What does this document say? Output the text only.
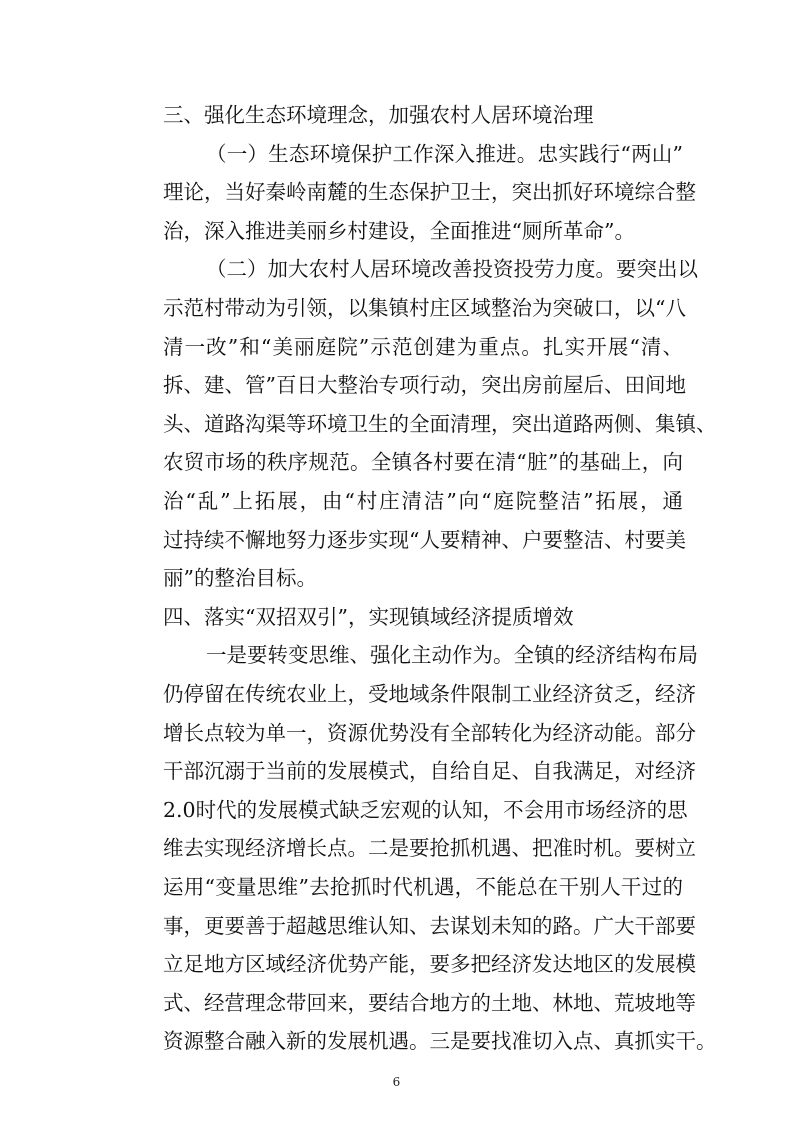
三、强化生态环境理念，加强农村人居环境治理
（一）生态环境保护工作深入推进。忠实践行“两山”
理论，当好秦岭南麓的生态保护卫士，突出抓好环境综合整
治，深入推进美丽乡村建设，全面推进“厕所革命”。
（二）加大农村人居环境改善投资投劳力度。要突出以
示范村带动为引领，以集镇村庄区域整治为突破口，以“八
清一改”和“美丽庭院”示范创建为重点。扎实开展“清、
拆、建、管”百日大整治专项行动，突出房前屋后、田间地
头、道路沟渠等环境卫生的全面清理，突出道路两侧、集镇、
农贸市场的秩序规范。全镇各村要在清“脏”的基础上，向
治“乱”上拓展，由“村庄清洁”向“庭院整洁”拓展，通
过持续不懈地努力逐步实现“人要精神、户要整洁、村要美
丽”的整治目标。
四、落实“双招双引”，实现镇域经济提质增效
一是要转变思维、强化主动作为。全镇的经济结构布局
仍停留在传统农业上，受地域条件限制工业经济贫乏，经济
增长点较为单一，资源优势没有全部转化为经济动能。部分
干部沉溺于当前的发展模式，自给自足、自我满足，对经济
2.0时代的发展模式缺乏宏观的认知，不会用市场经济的思
维去实现经济增长点。二是要抢抓机遇、把准时机。要树立
运用“变量思维”去抢抓时代机遇，不能总在干别人干过的
事，更要善于超越思维认知、去谋划未知的路。广大干部要
立足地方区域经济优势产能，要多把经济发达地区的发展模
6
式、经营理念带回来，要结合地方的土地、林地、荒坡地等
资源整合融入新的发展机遇。三是要找准切入点、真抓实干。
